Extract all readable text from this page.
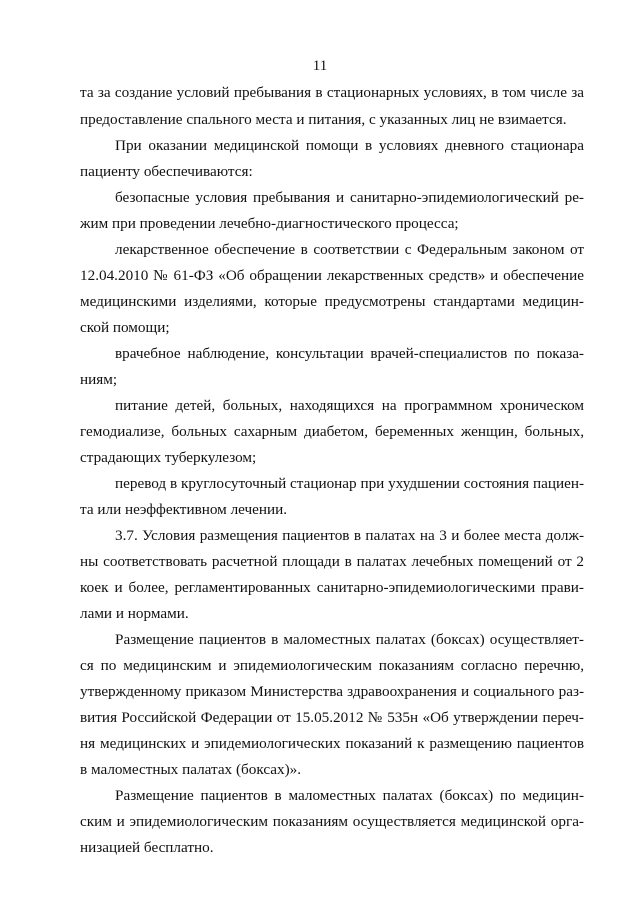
11
та за создание условий пребывания в стационарных условиях, в том числе за
предоставление спального места и питания, с указанных лиц не взимается.
При оказании медицинской помощи в условиях дневного стационара
пациенту обеспечиваются:
безопасные условия пребывания и санитарно-эпидемиологический ре-
жим при проведении лечебно-диагностического процесса;
лекарственное обеспечение в соответствии с Федеральным законом от
12.04.2010 № 61-ФЗ «Об обращении лекарственных средств» и обеспечение
медицинскими изделиями, которые предусмотрены стандартами медицин-
ской помощи;
врачебное наблюдение, консультации врачей-специалистов по показа-
ниям;
питание детей, больных, находящихся на программном хроническом
гемодиализе, больных сахарным диабетом, беременных женщин, больных,
страдающих туберкулезом;
перевод в круглосуточный стационар при ухудшении состояния пациен-
та или неэффективном лечении.
3.7. Условия размещения пациентов в палатах на 3 и более места долж-
ны соответствовать расчетной площади в палатах лечебных помещений от 2
коек и более, регламентированных санитарно-эпидемиологическими прави-
лами и нормами.
Размещение пациентов в маломестных палатах (боксах) осуществляет-
ся по медицинским и эпидемиологическим показаниям согласно перечню,
утвержденному приказом Министерства здравоохранения и социального раз-
вития Российской Федерации от 15.05.2012 № 535н «Об утверждении переч-
ня медицинских и эпидемиологических показаний к размещению пациентов
в маломестных палатах (боксах)».
Размещение пациентов в маломестных палатах (боксах) по медицин-
ским и эпидемиологическим показаниям осуществляется медицинской орга-
низацией бесплатно.
